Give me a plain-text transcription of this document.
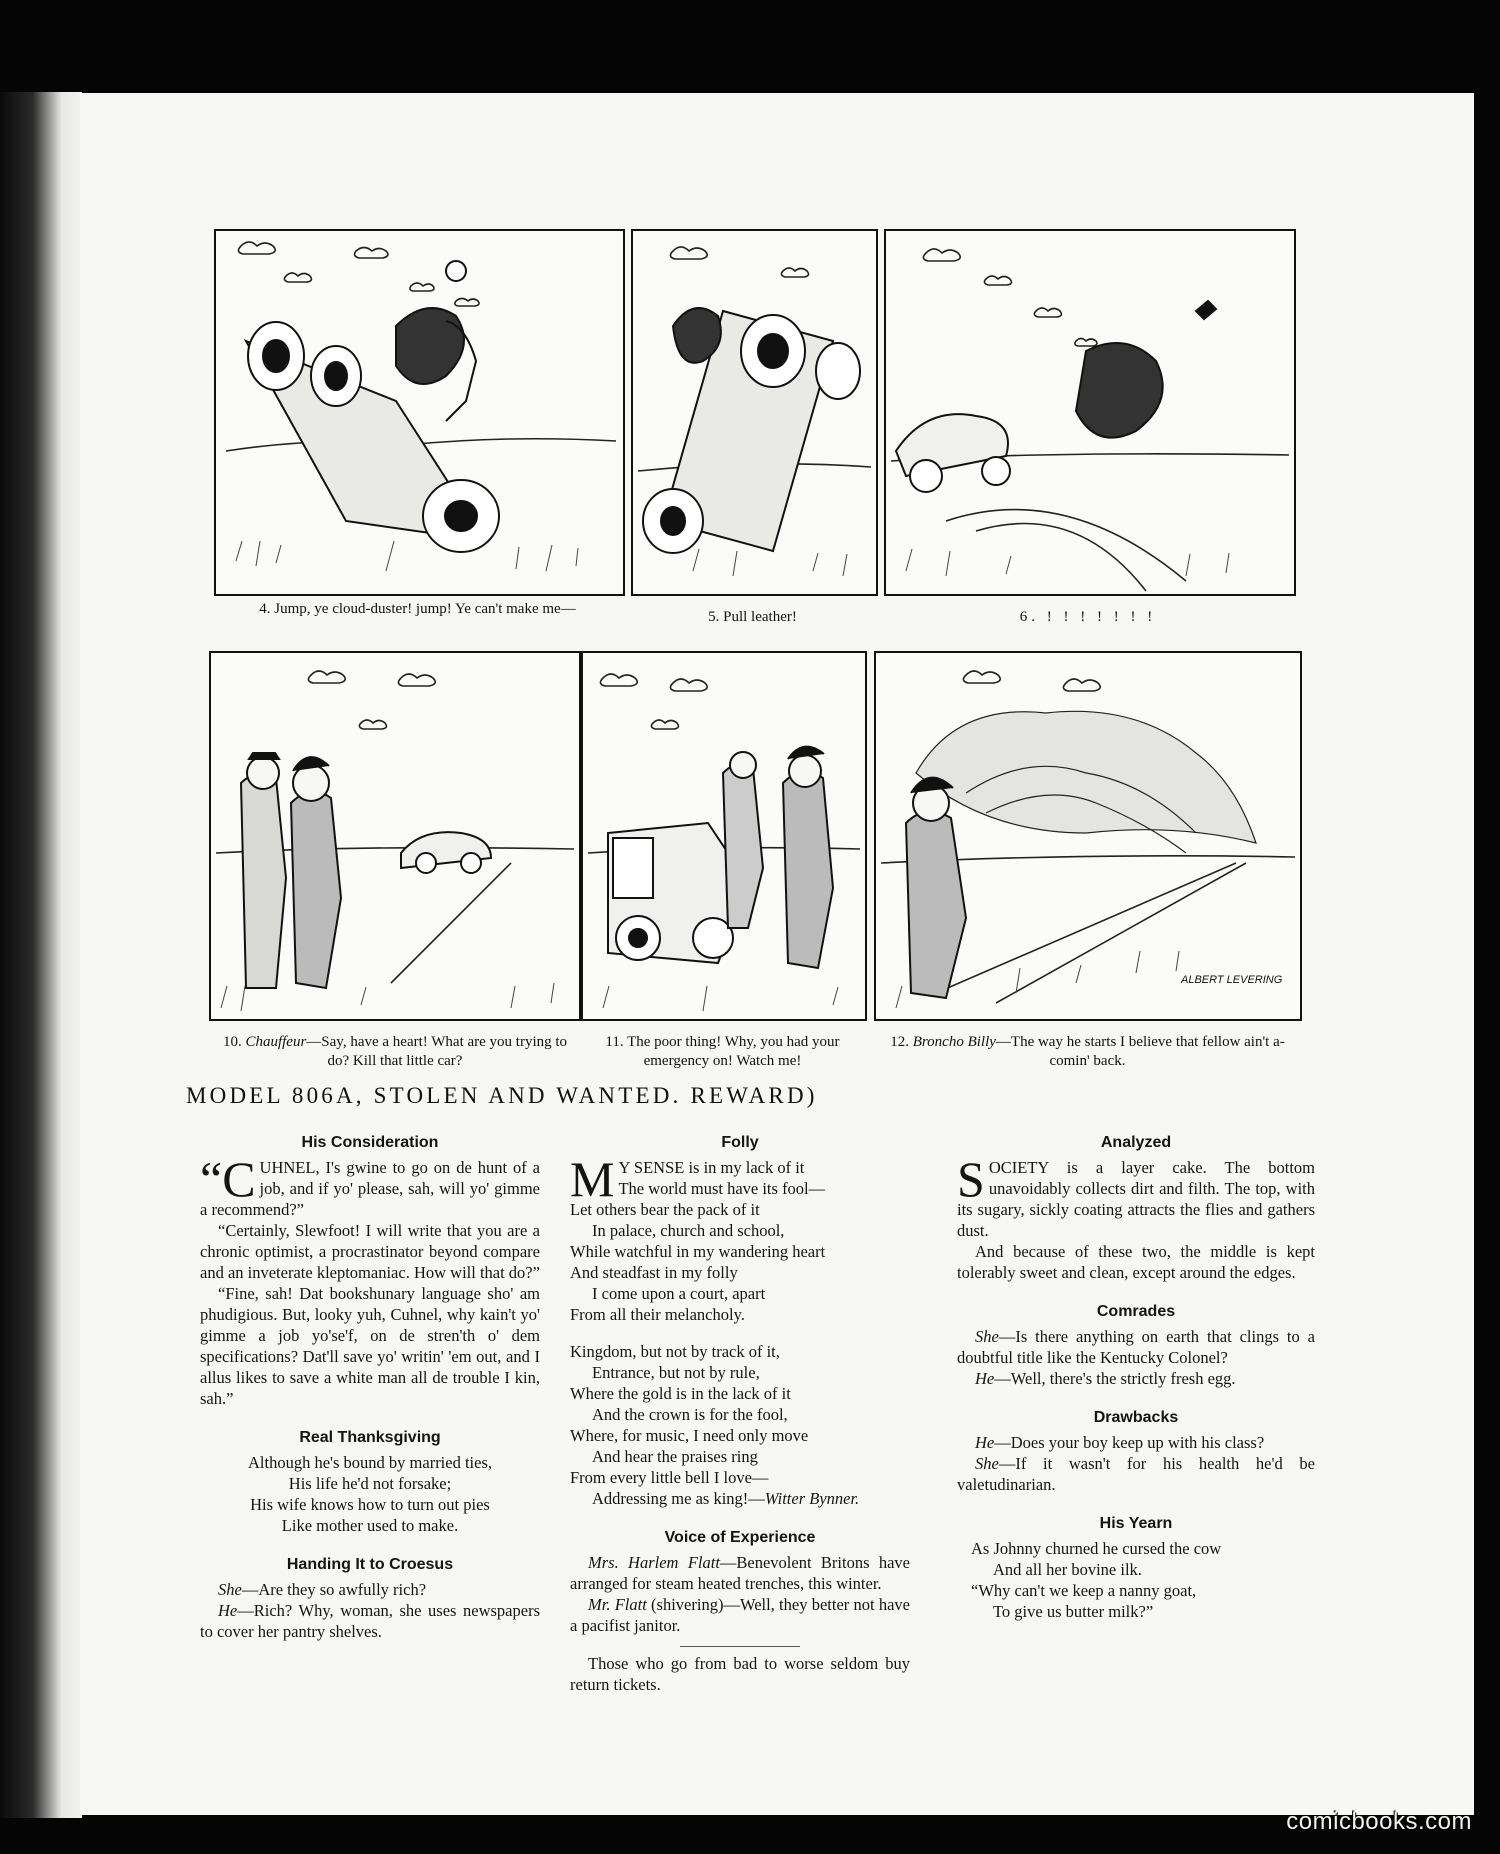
4. Jump, ye cloud-duster! jump! Ye can't make me—	5. Pull leather!	6. ! ! ! ! ! ! !
ALBERT LEVERING
10. Chauffeur—Say, have a heart! What are you trying to do? Kill that little car?
11. The poor thing! Why, you had your emergency on! Watch me!
12. Broncho Billy—The way he starts I believe that fellow ain't a-comin' back.
MODEL 806A, STOLEN AND WANTED. REWARD)
His Consideration

“CUHNEL, I's gwine to go on de hunt of a job, and if yo' please, sah, will yo' gimme a recommend?”

“Certainly, Slewfoot! I will write that you are a chronic optimist, a procrastinator beyond compare and an inveterate kleptomaniac. How will that do?”

“Fine, sah! Dat bookshunary language sho' am phudigious. But, looky yuh, Cuhnel, why kain't yo' gimme a job yo'se'f, on de stren'th o' dem specifications? Dat'll save yo' writin' 'em out, and I allus likes to save a white man all de trouble I kin, sah.”

Real Thanksgiving
Although he's bound by married ties,
His life he'd not forsake;
His wife knows how to turn out pies
Like mother used to make.
Handing It to Croesus

She—Are they so awfully rich?

He—Rich? Why, woman, she uses newspapers to cover her pantry shelves.

Folly
M Y SENSE is in my lack of it
The world must have its fool—
Let others bear the pack of it
In palace, church and school,
While watchful in my wandering heart
And steadfast in my folly
I come upon a court, apart
From all their melancholy.
Kingdom, but not by track of it,
Entrance, but not by rule,
Where the gold is in the lack of it
And the crown is for the fool,
Where, for music, I need only move
And hear the praises ring
From every little bell I love—
Addressing me as king!—Witter Bynner.
Voice of Experience

Mrs. Harlem Flatt—Benevolent Britons have arranged for steam heated trenches, this winter.

Mr. Flatt (shivering)—Well, they better not have a pacifist janitor.

Those who go from bad to worse seldom buy return tickets.

Analyzed

SOCIETY is a layer cake. The bottom unavoidably collects dirt and filth. The top, with its sugary, sickly coating attracts the flies and gathers dust.

And because of these two, the middle is kept tolerably sweet and clean, except around the edges.

Comrades

She—Is there anything on earth that clings to a doubtful title like the Kentucky Colonel?

He—Well, there's the strictly fresh egg.

Drawbacks

He—Does your boy keep up with his class?

She—If it wasn't for his health he'd be valetudinarian.

His Yearn
As Johnny churned he cursed the cow
And all her bovine ilk.
“Why can't we keep a nanny goat,
To give us butter milk?”
comicbooks.com
